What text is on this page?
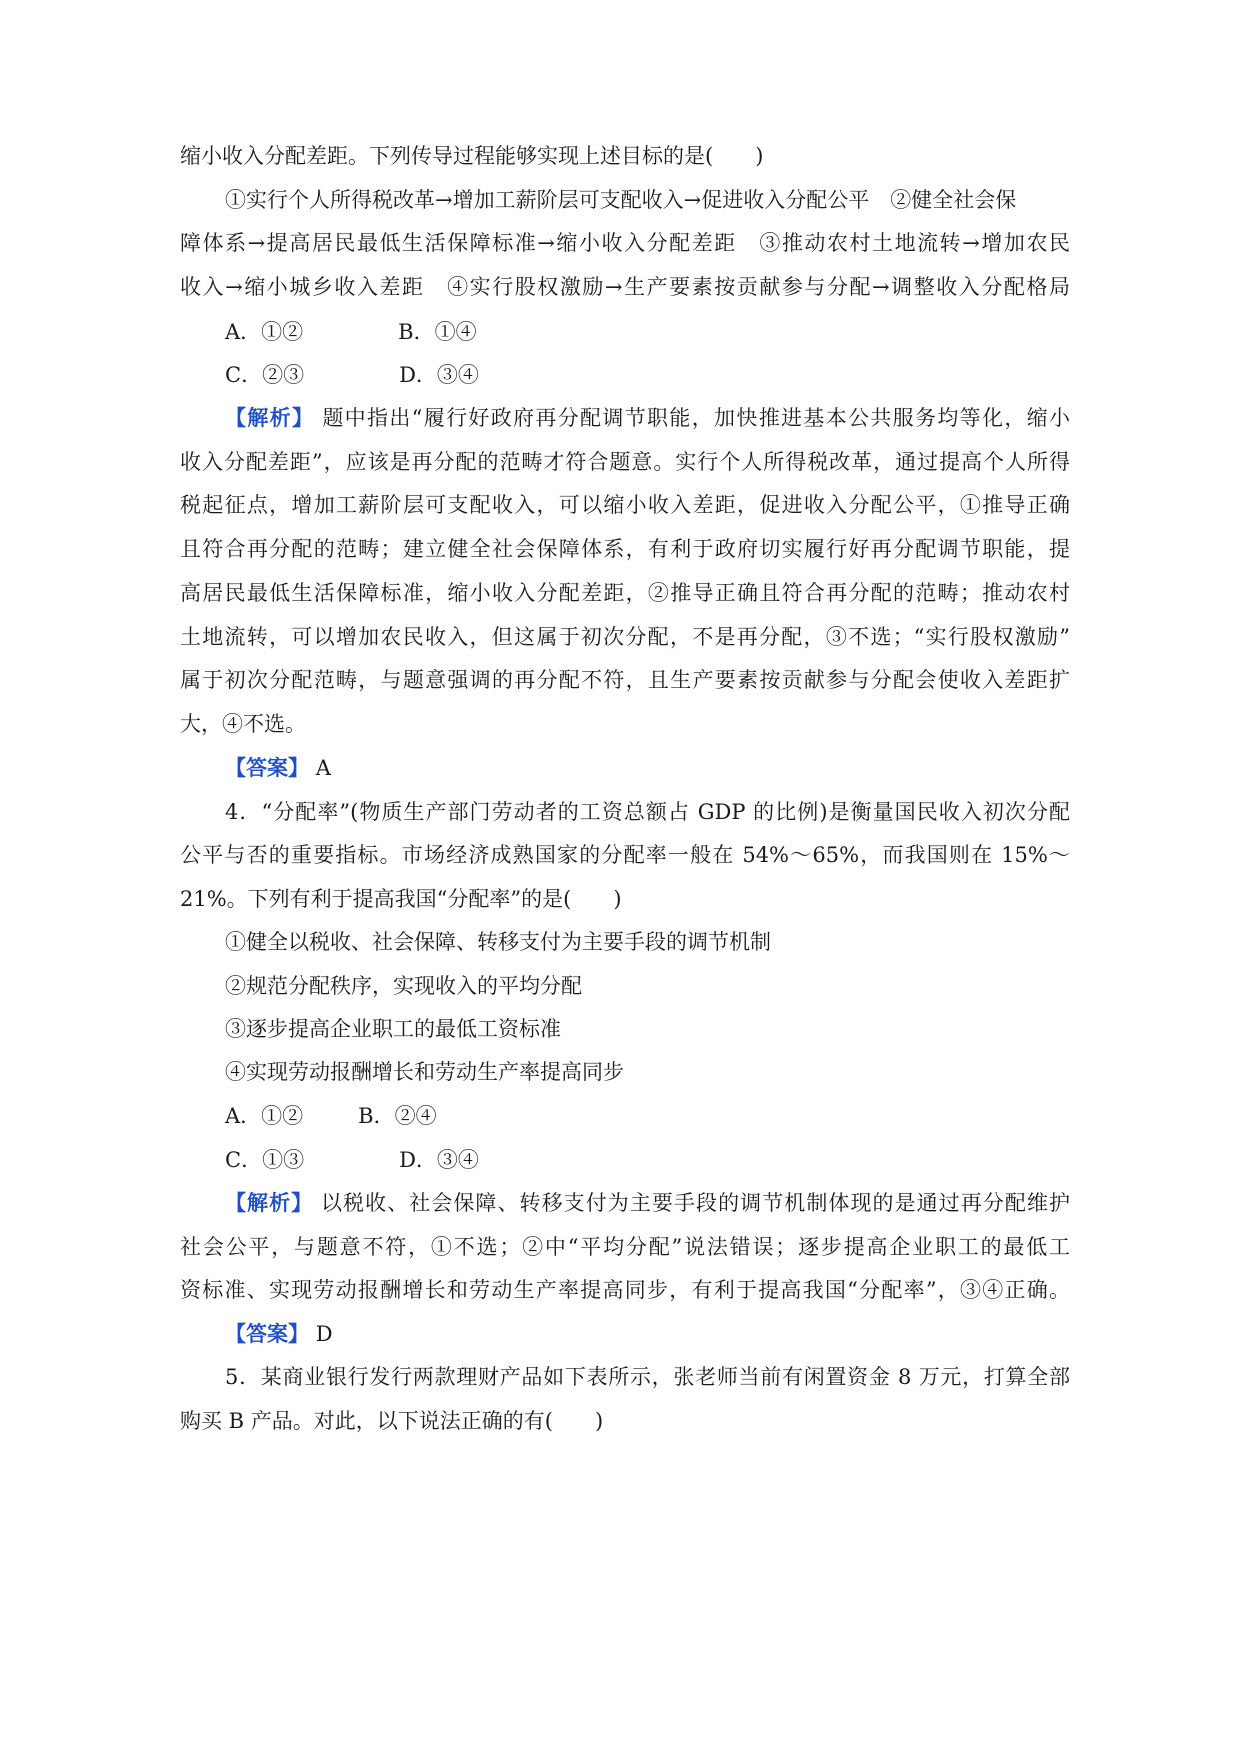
缩小收入分配差距。下列传导过程能够实现上述目标的是(　　)
①实行个人所得税改革→增加工薪阶层可支配收入→促进收入分配公平　②健全社会保
障体系→提高居民最低生活保障标准→缩小收入分配差距　③推动农村土地流转→增加农民
收入→缩小城乡收入差距　④实行股权激励→生产要素按贡献参与分配→调整收入分配格局
A．①②	B．①④
C．②③	D．③④
【解析】 题中指出“履行好政府再分配调节职能，加快推进基本公共服务均等化，缩小
收入分配差距”，应该是再分配的范畴才符合题意。实行个人所得税改革，通过提高个人所得
税起征点，增加工薪阶层可支配收入，可以缩小收入差距，促进收入分配公平，①推导正确
且符合再分配的范畴；建立健全社会保障体系，有利于政府切实履行好再分配调节职能，提
高居民最低生活保障标准，缩小收入分配差距，②推导正确且符合再分配的范畴；推动农村
土地流转，可以增加农民收入，但这属于初次分配，不是再分配，③不选；“实行股权激励”
属于初次分配范畴，与题意强调的再分配不符，且生产要素按贡献参与分配会使收入差距扩
大，④不选。
【答案】 A
4．“分配率”(物质生产部门劳动者的工资总额占 GDP 的比例)是衡量国民收入初次分配
公平与否的重要指标。市场经济成熟国家的分配率一般在 54%～65%，而我国则在 15%～
21%。下列有利于提高我国“分配率”的是(　　)
①健全以税收、社会保障、转移支付为主要手段的调节机制
②规范分配秩序，实现收入的平均分配
③逐步提高企业职工的最低工资标准
④实现劳动报酬增长和劳动生产率提高同步
A．①②	B．②④
C．①③	D．③④
【解析】 以税收、社会保障、转移支付为主要手段的调节机制体现的是通过再分配维护
社会公平，与题意不符，①不选；②中“平均分配”说法错误；逐步提高企业职工的最低工
资标准、实现劳动报酬增长和劳动生产率提高同步，有利于提高我国“分配率”，③④正确。
【答案】 D
5．某商业银行发行两款理财产品如下表所示，张老师当前有闲置资金 8 万元，打算全部
购买 B 产品。对此，以下说法正确的有(　　)
